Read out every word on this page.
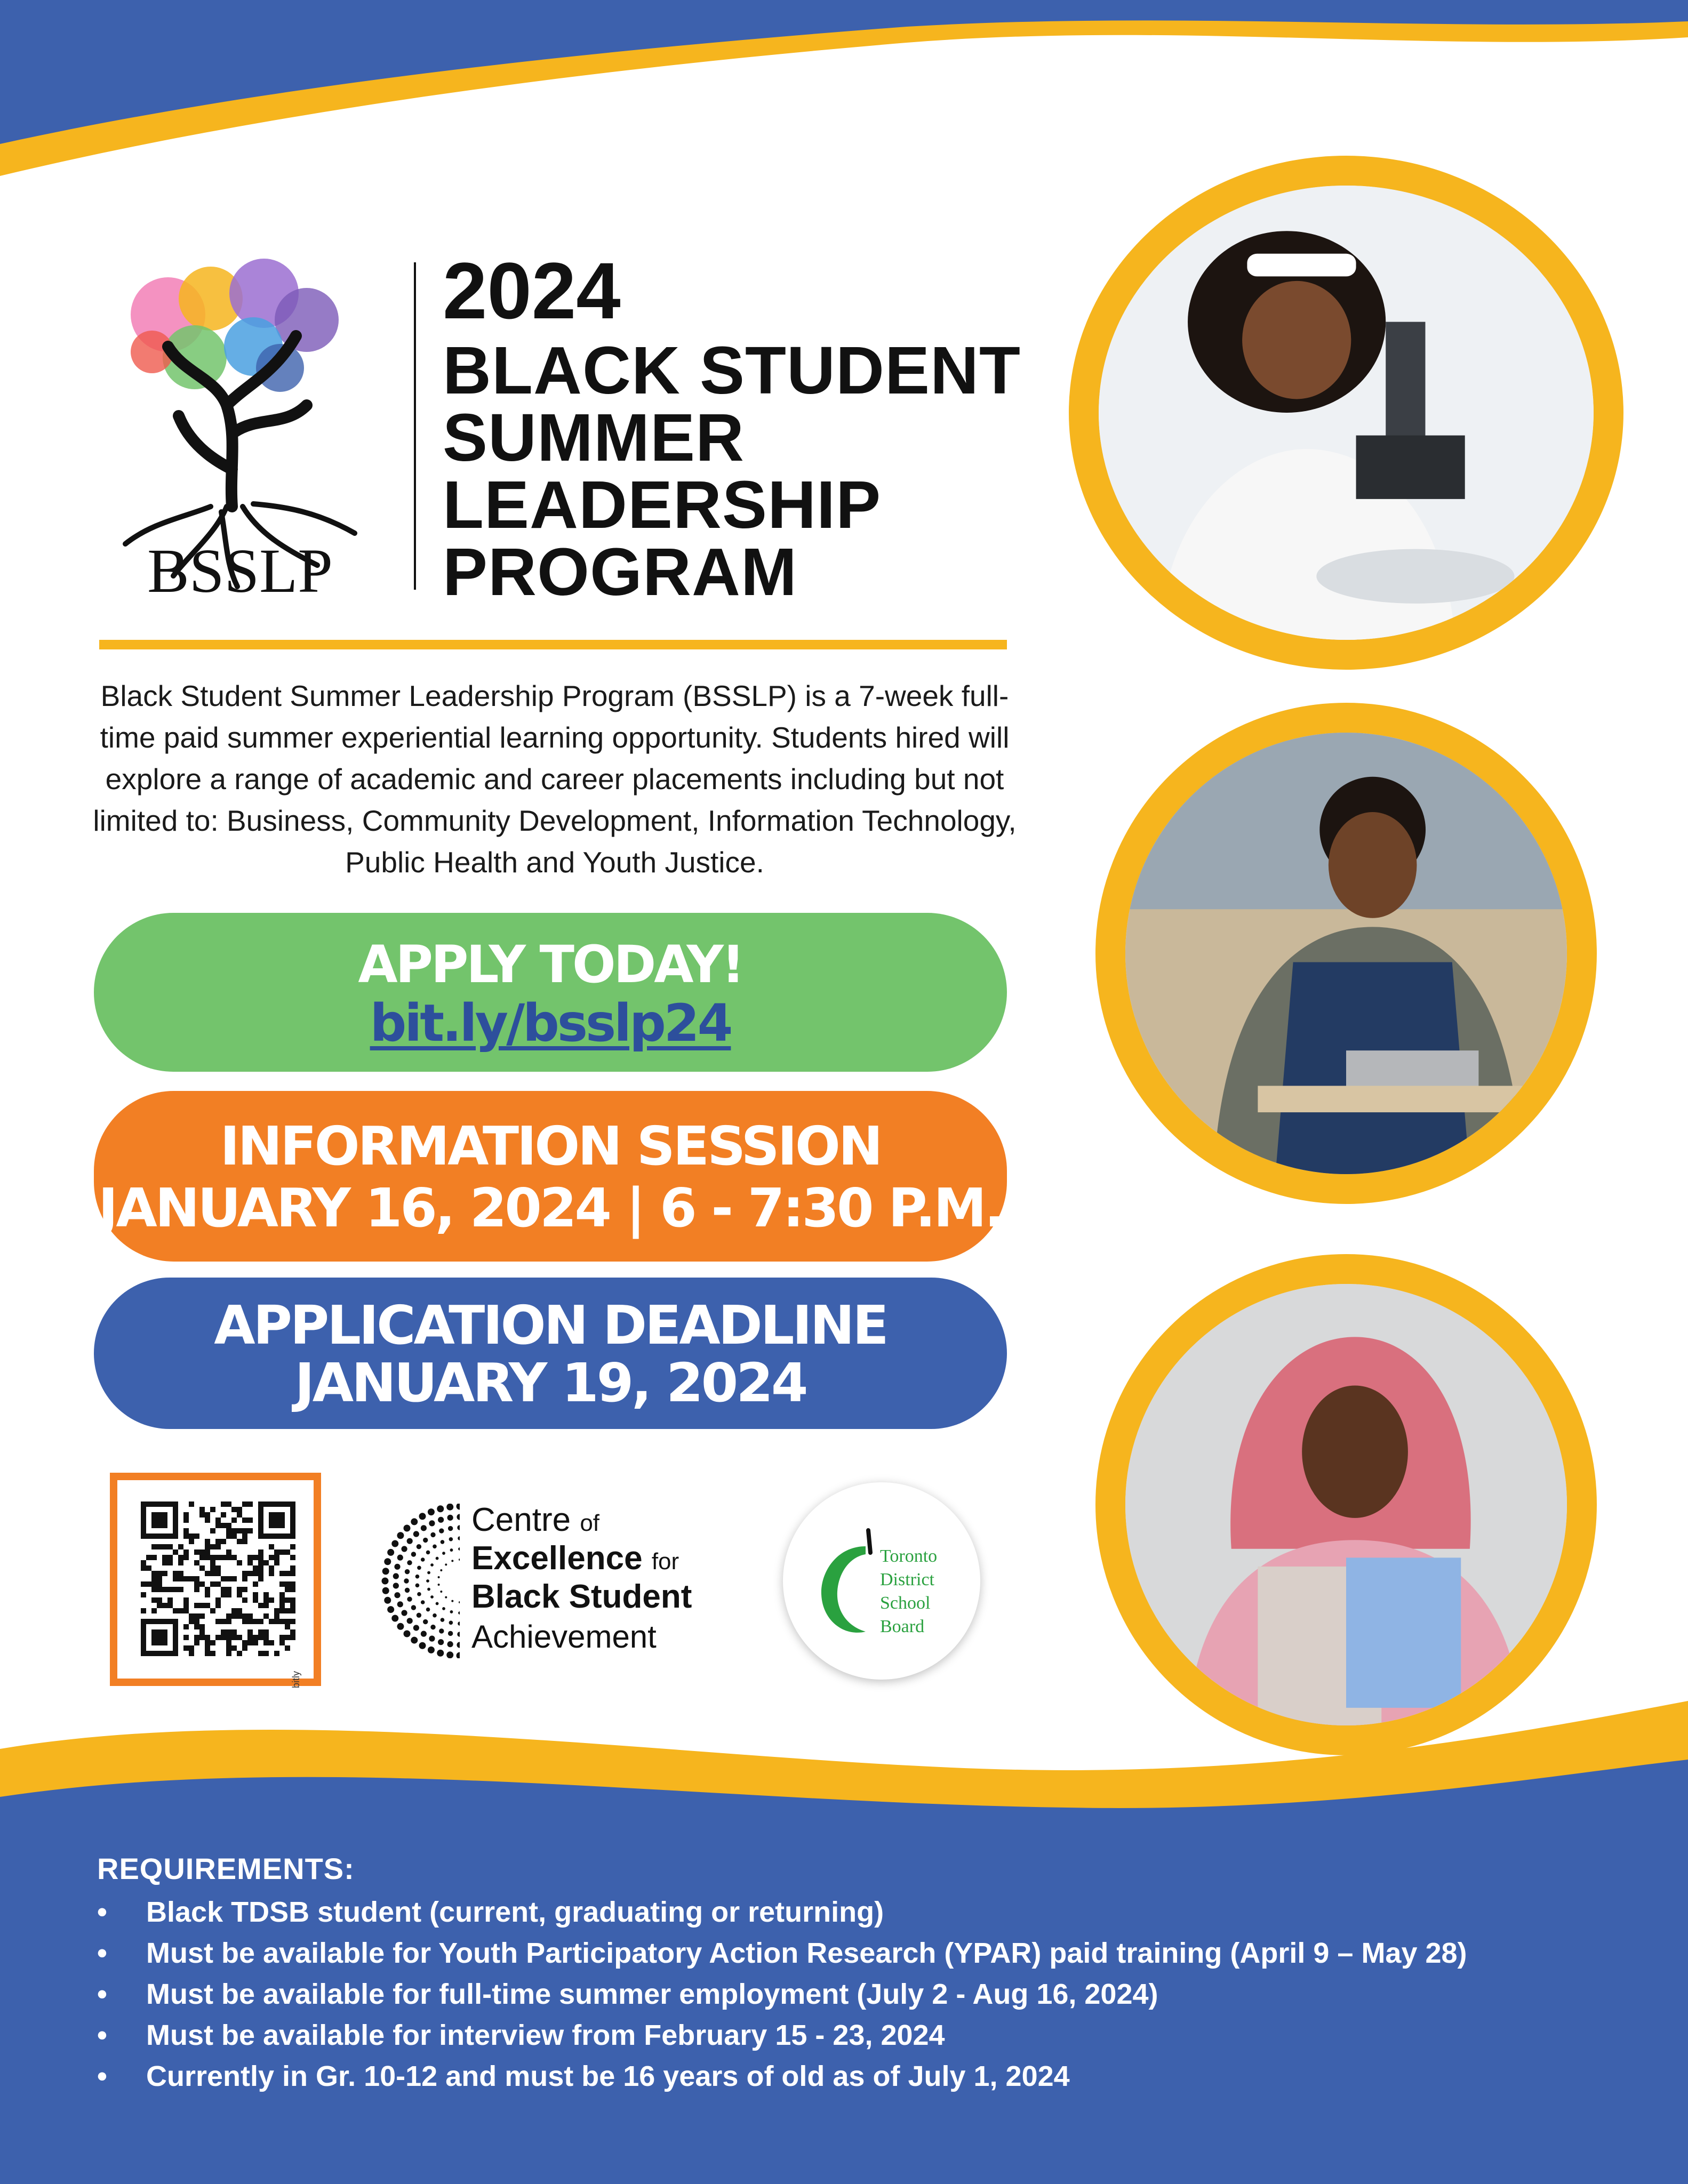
BSSLP
2024
BLACK STUDENT
SUMMER
LEADERSHIP
PROGRAM
Black Student Summer Leadership Program (BSSLP) is a 7-week full-time paid summer experiential learning opportunity. Students hired will explore a range of academic and career placements including but not limited to: Business, Community Development, Information Technology, Public Health and Youth Justice.
APPLY TODAY!
bit.ly/bsslp24
INFORMATION SESSION
JANUARY 16, 2024 | 6 - 7:30 P.M.
APPLICATION DEADLINE
JANUARY 19, 2024
bitly
Centre of
Excellence for
Black Student
Achievement
Toronto
District
School
Board
REQUIREMENTS:
• Black TDSB student (current, graduating or returning)
• Must be available for Youth Participatory Action Research (YPAR) paid training (April 9 – May 28)
• Must be available for full-time summer employment (July 2 - Aug 16, 2024)
• Must be available for interview from February 15 - 23, 2024
• Currently in Gr. 10-12 and must be 16 years of old as of July 1, 2024
